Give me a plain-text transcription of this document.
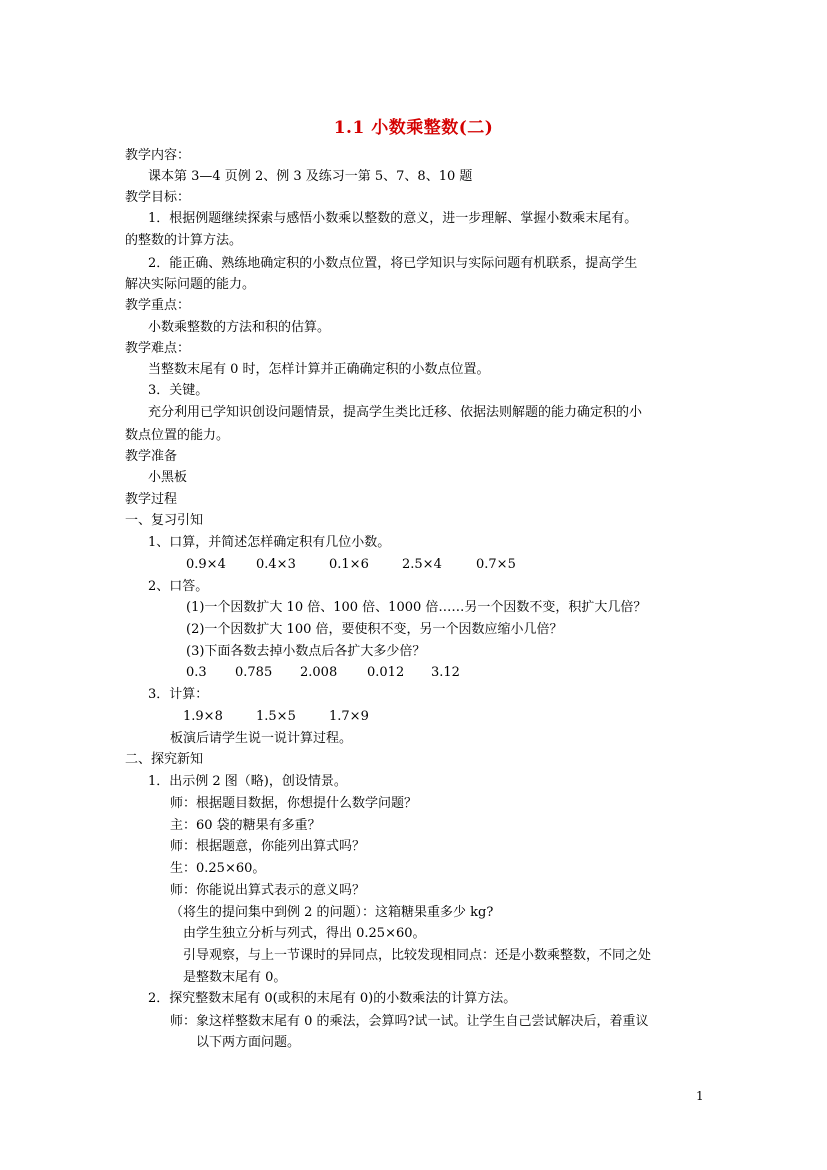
1.1 小数乘整数(二)
教学内容：
课本第 3—4 页例 2、例 3 及练习一第 5、7、8、10 题
教学目标：
1．根据例题继续探索与感悟小数乘以整数的意义，进一步理解、掌握小数乘末尾有。
的整数的计算方法。
2．能正确、熟练地确定积的小数点位置，将已学知识与实际问题有机联系，提高学生
解决实际问题的能力。
教学重点：
小数乘整数的方法和积的估算。
教学难点：
当整数末尾有 0 时，怎样计算并正确确定积的小数点位置。
3．关键。
充分利用已学知识创设问题情景，提高学生类比迁移、依据法则解题的能力确定积的小
数点位置的能力。
教学准备
小黑板
教学过程
一、复习引知
1、口算，并简述怎样确定积有几位小数。
0.9×4 0.4×3	0.1×6	2.5×4	0.7×5
2、口答。
(1)一个因数扩大 10 倍、100 倍、1000 倍……另一个因数不变，积扩大几倍？
(2)一个因数扩大 100 倍，要使积不变，另一个因数应缩小几倍？
(3)下面各数去掉小数点后各扩大多少倍？
0.3 0.785 2.008 0.012 3.12
3．计算：
1.9×8	1.5×5	1.7×9
板演后请学生说一说计算过程。
二、探究新知
1．出示例 2 图（略)，创设情景。
师：根据题目数据，你想提什么数学问题？
主：60 袋的糖果有多重？
师：根据题意，你能列出算式吗？
生：0.25×60。
师：你能说出算式表示的意义吗？
（将生的提问集中到例 2 的问题）：这箱糖果重多少 kg?
由学生独立分析与列式，得出 0.25×60。
引导观察，与上一节课时的异同点，比较发现相同点：还是小数乘整数，不同之处
是整数末尾有 0。
2．探究整数末尾有 0(或积的末尾有 0)的小数乘法的计算方法。
师：象这样整数末尾有 0 的乘法，会算吗?试一试。让学生自己尝试解决后，着重议
以下两方面问题。
1
